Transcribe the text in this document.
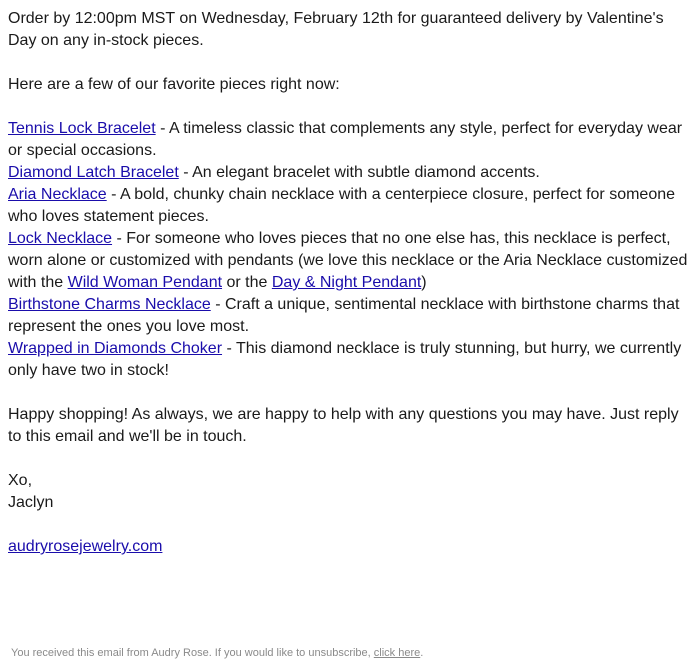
Order by 12:00pm MST on Wednesday, February 12th for guaranteed delivery by Valentine's Day on any in-stock pieces.

Here are a few of our favorite pieces right now:

Tennis Lock Bracelet - A timeless classic that complements any style, perfect for everyday wear or special occasions.

Diamond Latch Bracelet - An elegant bracelet with subtle diamond accents.

Aria Necklace - A bold, chunky chain necklace with a centerpiece closure, perfect for someone who loves statement pieces.

Lock Necklace - For someone who loves pieces that no one else has, this necklace is perfect, worn alone or customized with pendants (we love this necklace or the Aria Necklace customized with the Wild Woman Pendant or the Day & Night Pendant)

Birthstone Charms Necklace - Craft a unique, sentimental necklace with birthstone charms that represent the ones you love most.

Wrapped in Diamonds Choker - This diamond necklace is truly stunning, but hurry, we currently only have two in stock!

Happy shopping! As always, we are happy to help with any questions you may have. Just reply to this email and we'll be in touch.

Xo,

Jaclyn

audryrosejewelry.com

You received this email from Audry Rose. If you would like to unsubscribe, click here.
